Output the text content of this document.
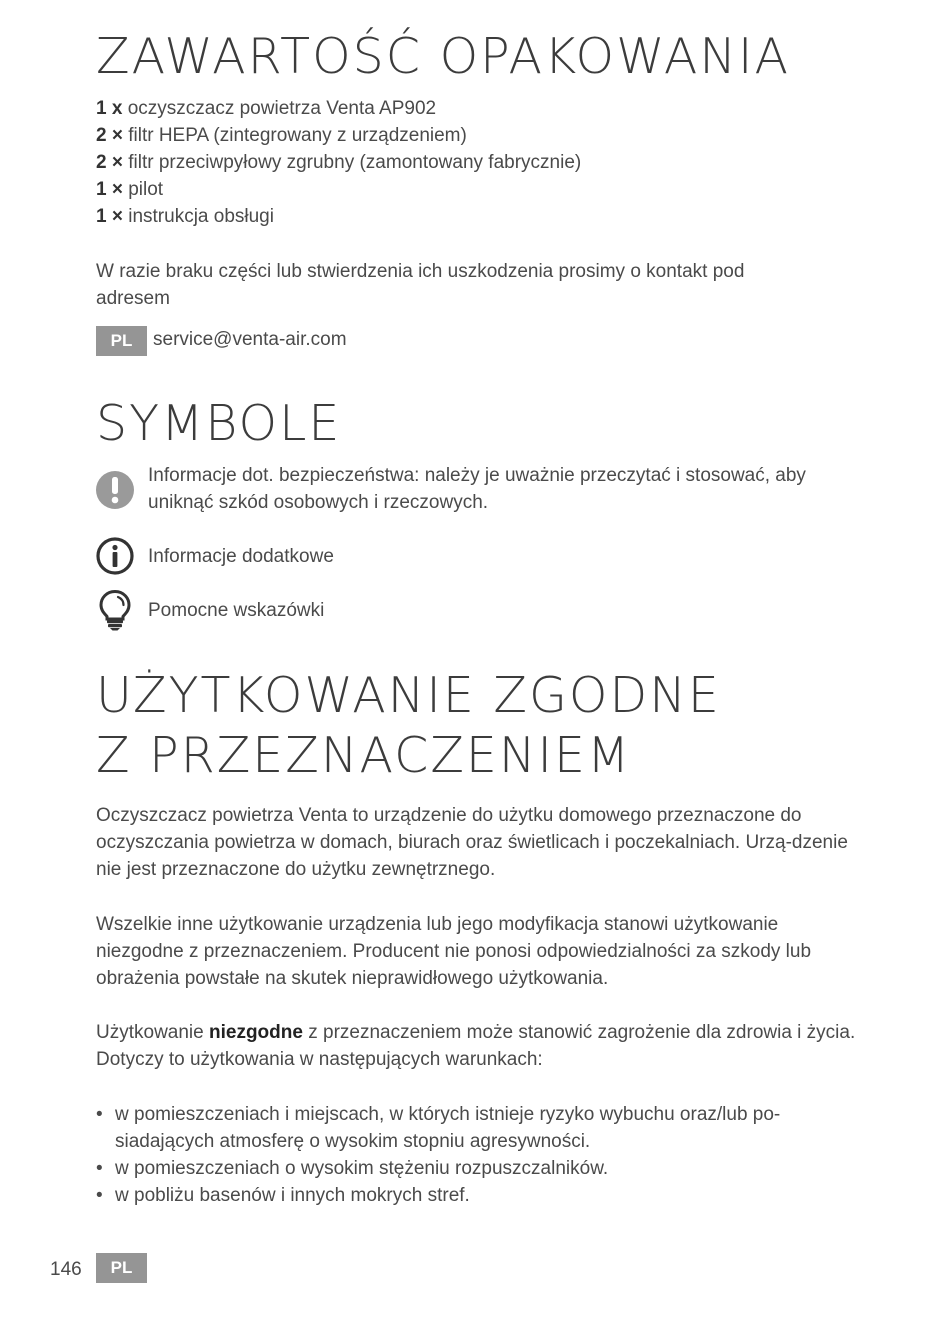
ZAWARTOŚĆ OPAKOWANIA
1 x oczyszczacz powietrza Venta AP902
2 × filtr HEPA (zintegrowany z urządzeniem)
2 × filtr przeciwpyłowy zgrubny (zamontowany fabrycznie)
1 × pilot
1 × instrukcja obsługi
W razie braku części lub stwierdzenia ich uszkodzenia prosimy o kontakt pod adresem
PL	service@venta-air.com
SYMBOLE
Informacje dot. bezpieczeństwa: należy je uważnie przeczytać i stosować, aby uniknąć szkód osobowych i rzeczowych.
Informacje dodatkowe
Pomocne wskazówki
UŻYTKOWANIE ZGODNE
Z PRZEZNACZENIEM

Oczyszczacz powietrza Venta to urządzenie do użytku domowego przeznaczone do oczyszczania powietrza w domach, biurach oraz świetlicach i poczekalniach. Urzą-dzenie nie jest przeznaczone do użytku zewnętrznego.

Wszelkie inne użytkowanie urządzenia lub jego modyfikacja stanowi użytkowanie niezgodne z przeznaczeniem. Producent nie ponosi odpowiedzialności za szkody lub obrażenia powstałe na skutek nieprawidłowego użytkowania.

Użytkowanie niezgodne z przeznaczeniem może stanowić zagrożenie dla zdrowia i życia. Dotyczy to użytkowania w następujących warunkach:

• w pomieszczeniach i miejscach, w których istnieje ryzyko wybuchu oraz/lub po-siadających atmosferę o wysokim stopniu agresywności.
• w pomieszczeniach o wysokim stężeniu rozpuszczalników.
• w pobliżu basenów i innych mokrych stref.
146	PL
